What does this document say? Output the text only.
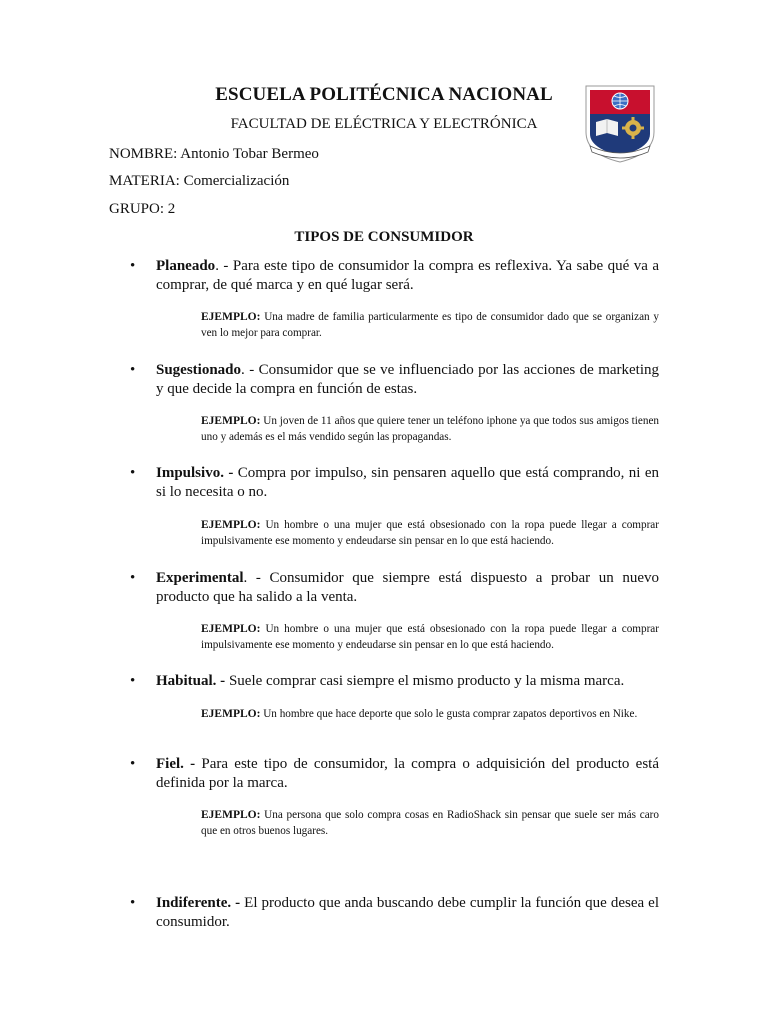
ESCUELA POLITÉCNICA NACIONAL
FACULTAD DE ELÉCTRICA Y ELECTRÓNICA
NOMBRE: Antonio Tobar Bermeo
MATERIA: Comercialización
GRUPO: 2
TIPOS DE CONSUMIDOR
• Planeado. - Para este tipo de consumidor la compra es reflexiva. Ya sabe qué va a comprar, de qué marca y en qué lugar será.
EJEMPLO: Una madre de familia particularmente es tipo de consumidor dado que se organizan y ven lo mejor para comprar.
• Sugestionado. - Consumidor que se ve influenciado por las acciones de marketing y que decide la compra en función de estas.
EJEMPLO: Un joven de 11 años que quiere tener un teléfono iphone ya que todos sus amigos tienen uno y además es el más vendido según las propagandas.
• Impulsivo. - Compra por impulso, sin pensaren aquello que está comprando, ni en si lo necesita o no.
EJEMPLO: Un hombre o una mujer que está obsesionado con la ropa puede llegar a comprar impulsivamente ese momento y endeudarse sin pensar en lo que está haciendo.
• Experimental. - Consumidor que siempre está dispuesto a probar un nuevo producto que ha salido a la venta.
EJEMPLO: Un hombre o una mujer que está obsesionado con la ropa puede llegar a comprar impulsivamente ese momento y endeudarse sin pensar en lo que está haciendo.
• Habitual. - Suele comprar casi siempre el mismo producto y la misma marca.
EJEMPLO: Un hombre que hace deporte que solo le gusta comprar zapatos deportivos en Nike.
• Fiel. - Para este tipo de consumidor, la compra o adquisición del producto está definida por la marca.
EJEMPLO: Una persona que solo compra cosas en RadioShack sin pensar que suele ser más caro que en otros buenos lugares.
• Indiferente. - El producto que anda buscando debe cumplir la función que desea el consumidor.
